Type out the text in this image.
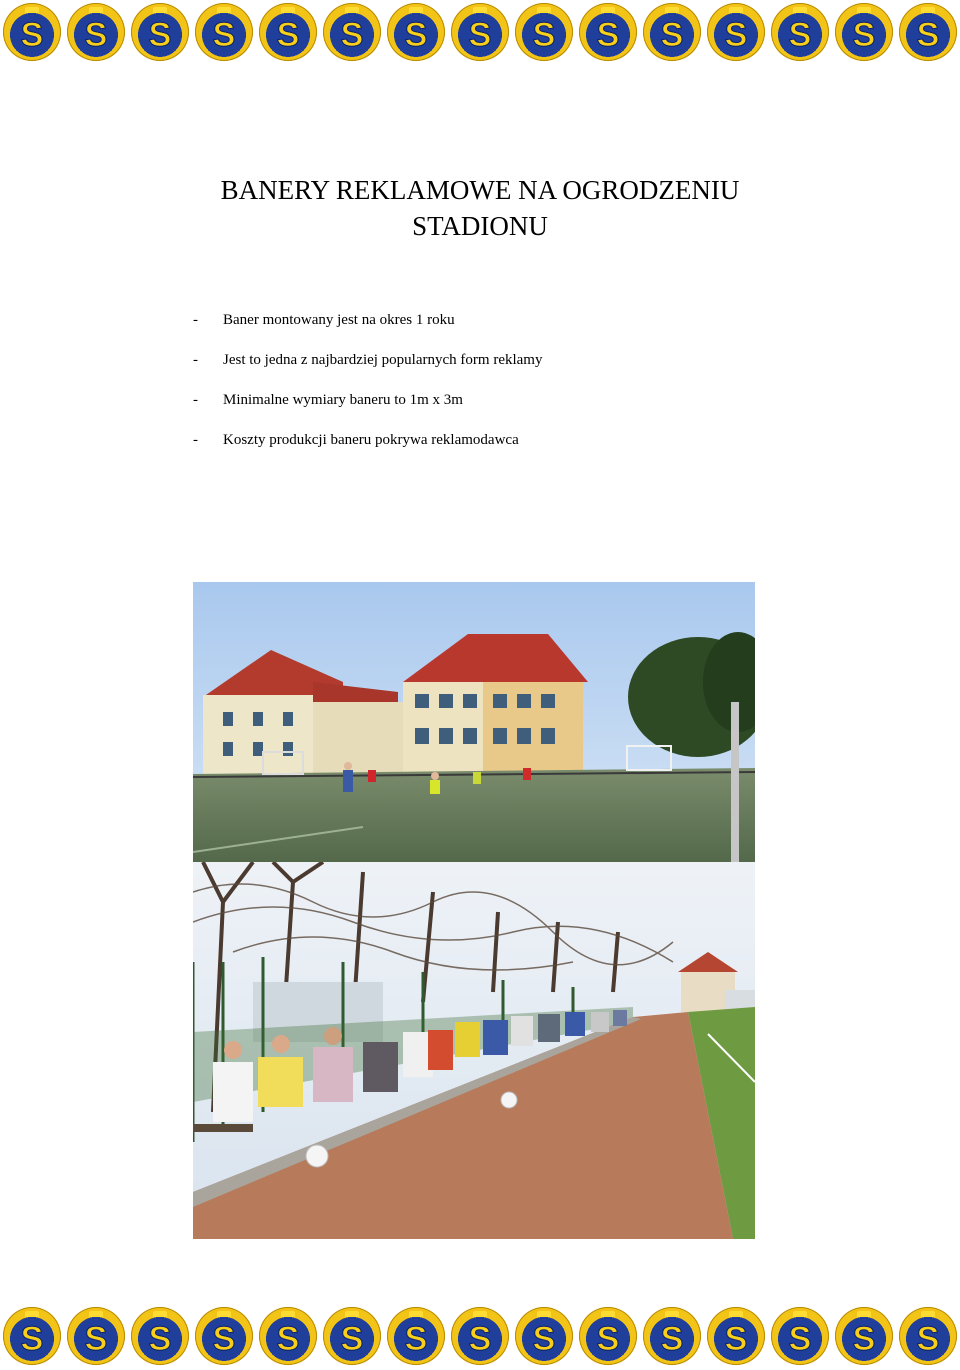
S S S S S S S S S S S S S S S
BANERY REKLAMOWE NA OGRODZENIU
STADIONU
-	Baner montowany jest na okres 1 roku
-	Jest to jedna z najbardziej popularnych form reklamy
-	Minimalne wymiary baneru to 1m x 3m
-	Koszty produkcji baneru pokrywa reklamodawca
S S S S S S S S S S S S S S S
